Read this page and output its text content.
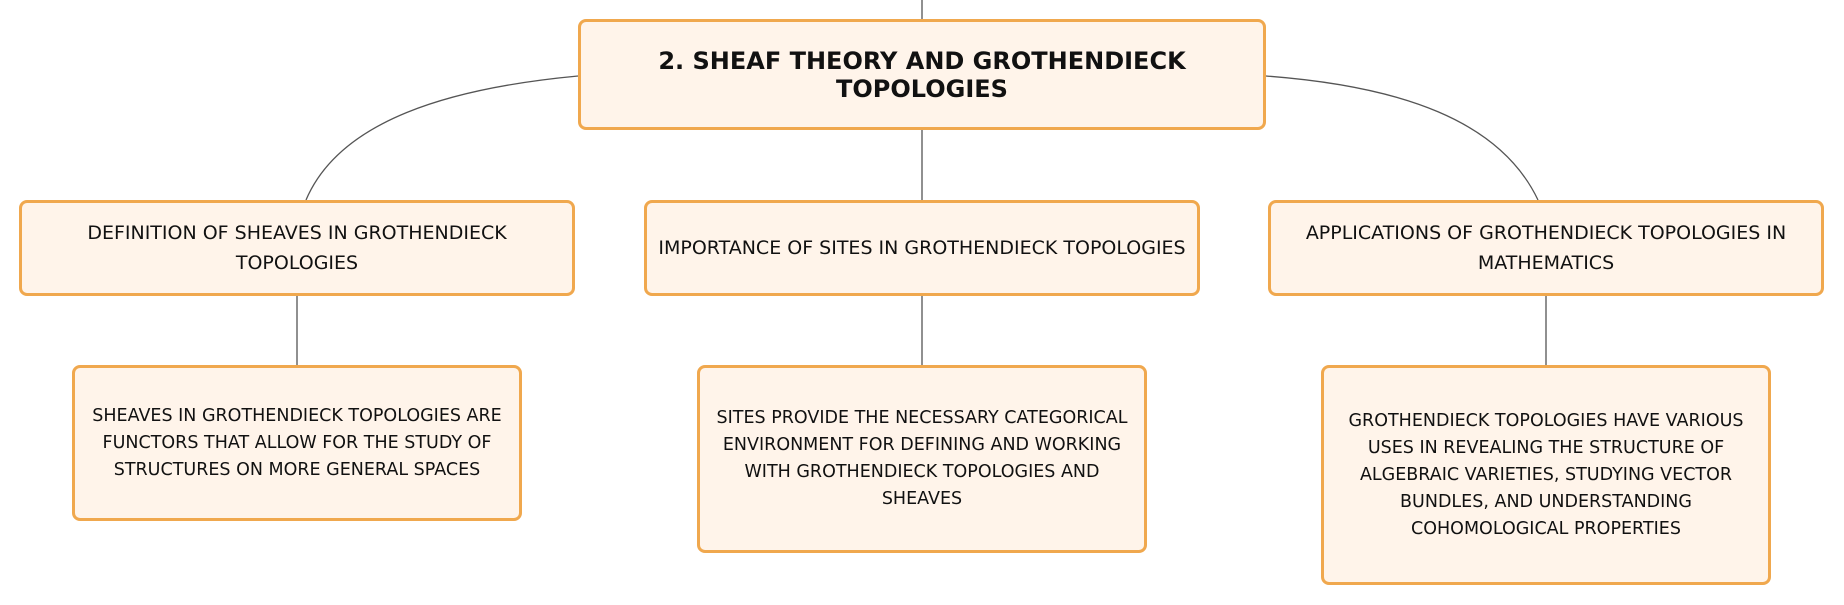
2. SHEAF THEORY AND GROTHENDIECK TOPOLOGIES
DEFINITION OF SHEAVES IN GROTHENDIECK TOPOLOGIES
IMPORTANCE OF SITES IN GROTHENDIECK TOPOLOGIES
APPLICATIONS OF GROTHENDIECK TOPOLOGIES IN MATHEMATICS
SHEAVES IN GROTHENDIECK TOPOLOGIES ARE FUNCTORS THAT ALLOW FOR THE STUDY OF STRUCTURES ON MORE GENERAL SPACES
SITES PROVIDE THE NECESSARY CATEGORICAL ENVIRONMENT FOR DEFINING AND WORKING WITH GROTHENDIECK TOPOLOGIES AND SHEAVES
GROTHENDIECK TOPOLOGIES HAVE VARIOUS USES IN REVEALING THE STRUCTURE OF ALGEBRAIC VARIETIES, STUDYING VECTOR BUNDLES, AND UNDERSTANDING COHOMOLOGICAL PROPERTIES
